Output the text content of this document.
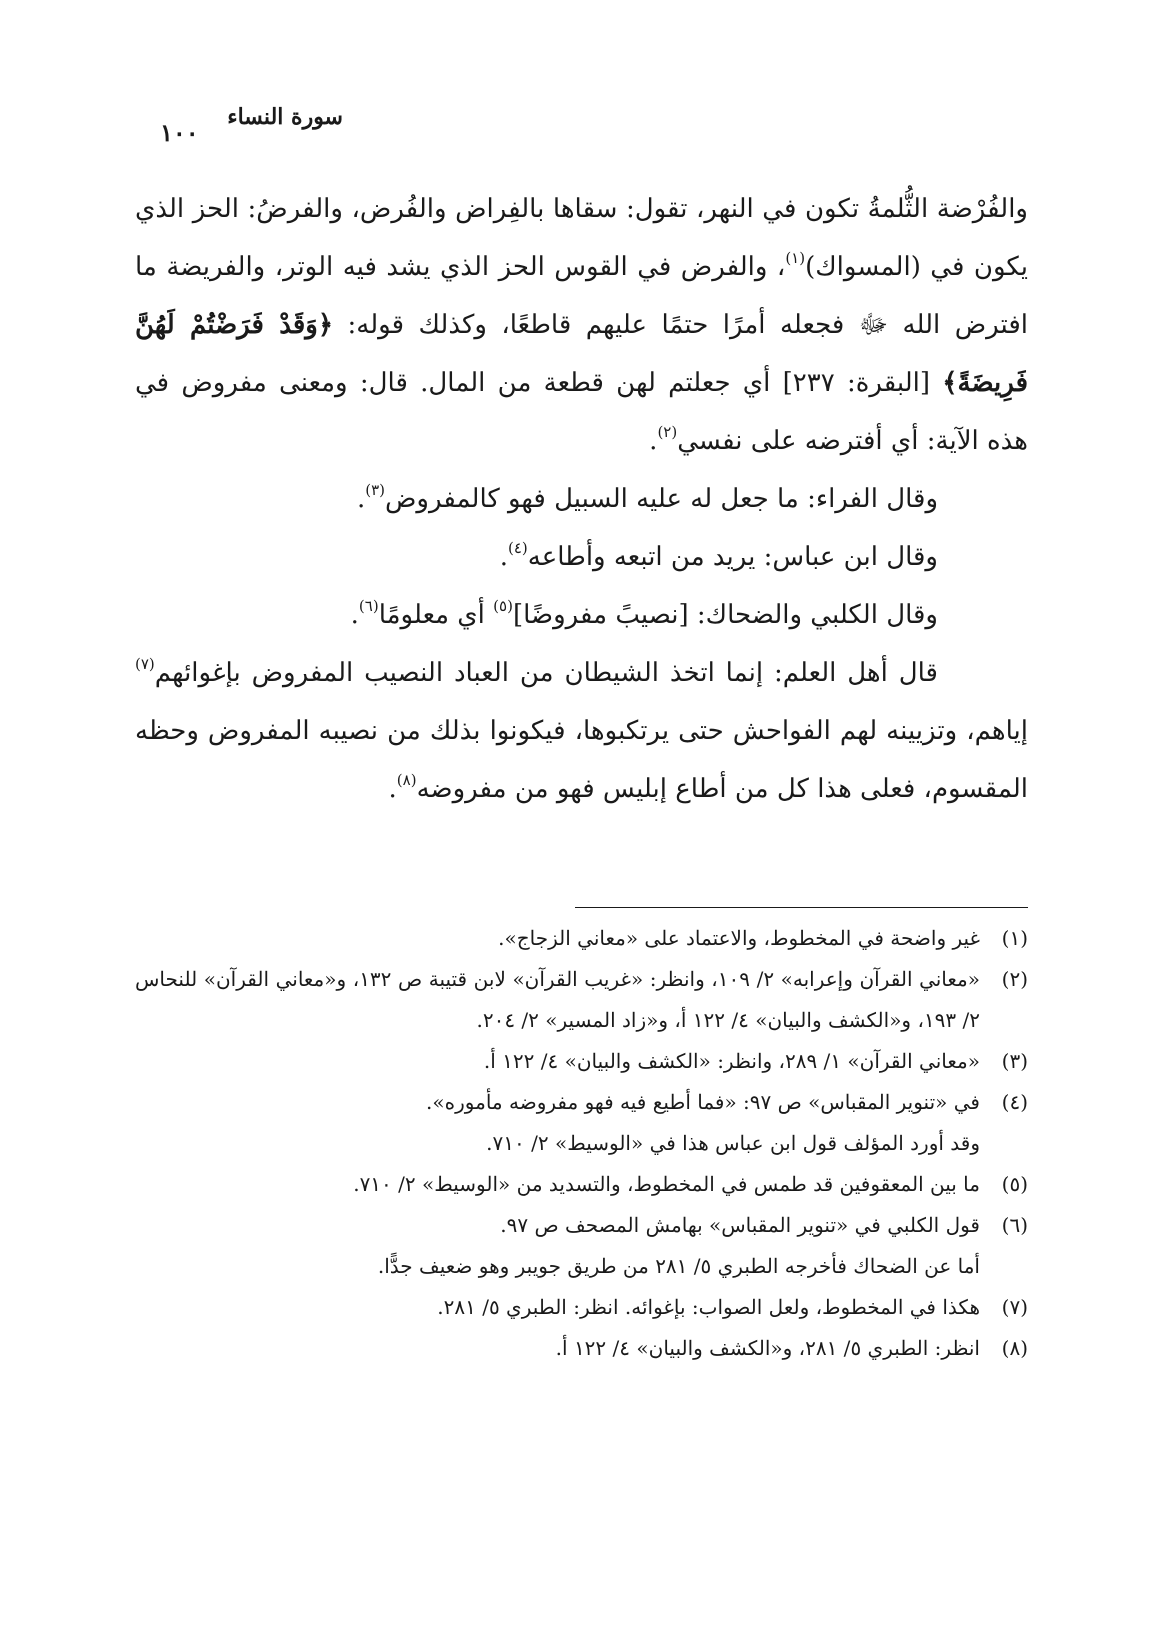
سورة النساء
١٠٠

والفُرْضة الثُّلمةُ تكون في النهر، تقول: سقاها بالفِراض والفُرض، والفرضُ: الحز الذي يكون في (المسواك)$^{(١)}$، والفرض في القوس الحز الذي يشد فيه الوتر، والفريضة ما افترض الله ﷻ فجعله أمرًا حتمًا عليهم قاطعًا، وكذلك قوله: ﴿وَقَدْ فَرَضْتُمْ لَهُنَّ فَرِيضَةً﴾ [البقرة: ٢٣٧] أي جعلتم لهن قطعة من المال. قال: ومعنى مفروض في هذه الآية: أي أفترضه على نفسي$^{(٢)}$.

وقال الفراء: ما جعل له عليه السبيل فهو كالمفروض$^{(٣)}$.

وقال ابن عباس: يريد من اتبعه وأطاعه$^{(٤)}$.

وقال الكلبي والضحاك: [نصيبً مفروضًا]$^{(٥)}$ أي معلومًا$^{(٦)}$.

قال أهل العلم: إنما اتخذ الشيطان من العباد النصيب المفروض بإغوائهم$^{(٧)}$ إياهم، وتزيينه لهم الفواحش حتى يرتكبوها، فيكونوا بذلك من نصيبه المفروض وحظه المقسوم، فعلى هذا كل من أطاع إبليس فهو من مفروضه$^{(٨)}$.

(١)
غير واضحة في المخطوط، والاعتماد على «معاني الزجاج».
(٢)
«معاني القرآن وإعرابه» ٢/ ١٠٩، وانظر: «غريب القرآن» لابن قتيبة ص ١٣٢، و«معاني القرآن» للنحاس ٢/ ١٩٣، و«الكشف والبيان» ٤/ ١٢٢ أ، و«زاد المسير» ٢/ ٢٠٤.
(٣)
«معاني القرآن» ١/ ٢٨٩، وانظر: «الكشف والبيان» ٤/ ١٢٢ أ.
(٤)
في «تنوير المقباس» ص ٩٧: «فما أطيع فيه فهو مفروضه مأموره».
وقد أورد المؤلف قول ابن عباس هذا في «الوسيط» ٢/ ٧١٠.
(٥)
ما بين المعقوفين قد طمس في المخطوط، والتسديد من «الوسيط» ٢/ ٧١٠.
(٦)
قول الكلبي في «تنوير المقباس» بهامش المصحف ص ٩٧.
أما عن الضحاك فأخرجه الطبري ٥/ ٢٨١ من طريق جويبر وهو ضعيف جدًّا.
(٧)
هكذا في المخطوط، ولعل الصواب: بإغوائه. انظر: الطبري ٥/ ٢٨١.
(٨)
انظر: الطبري ٥/ ٢٨١، و«الكشف والبيان» ٤/ ١٢٢ أ.
